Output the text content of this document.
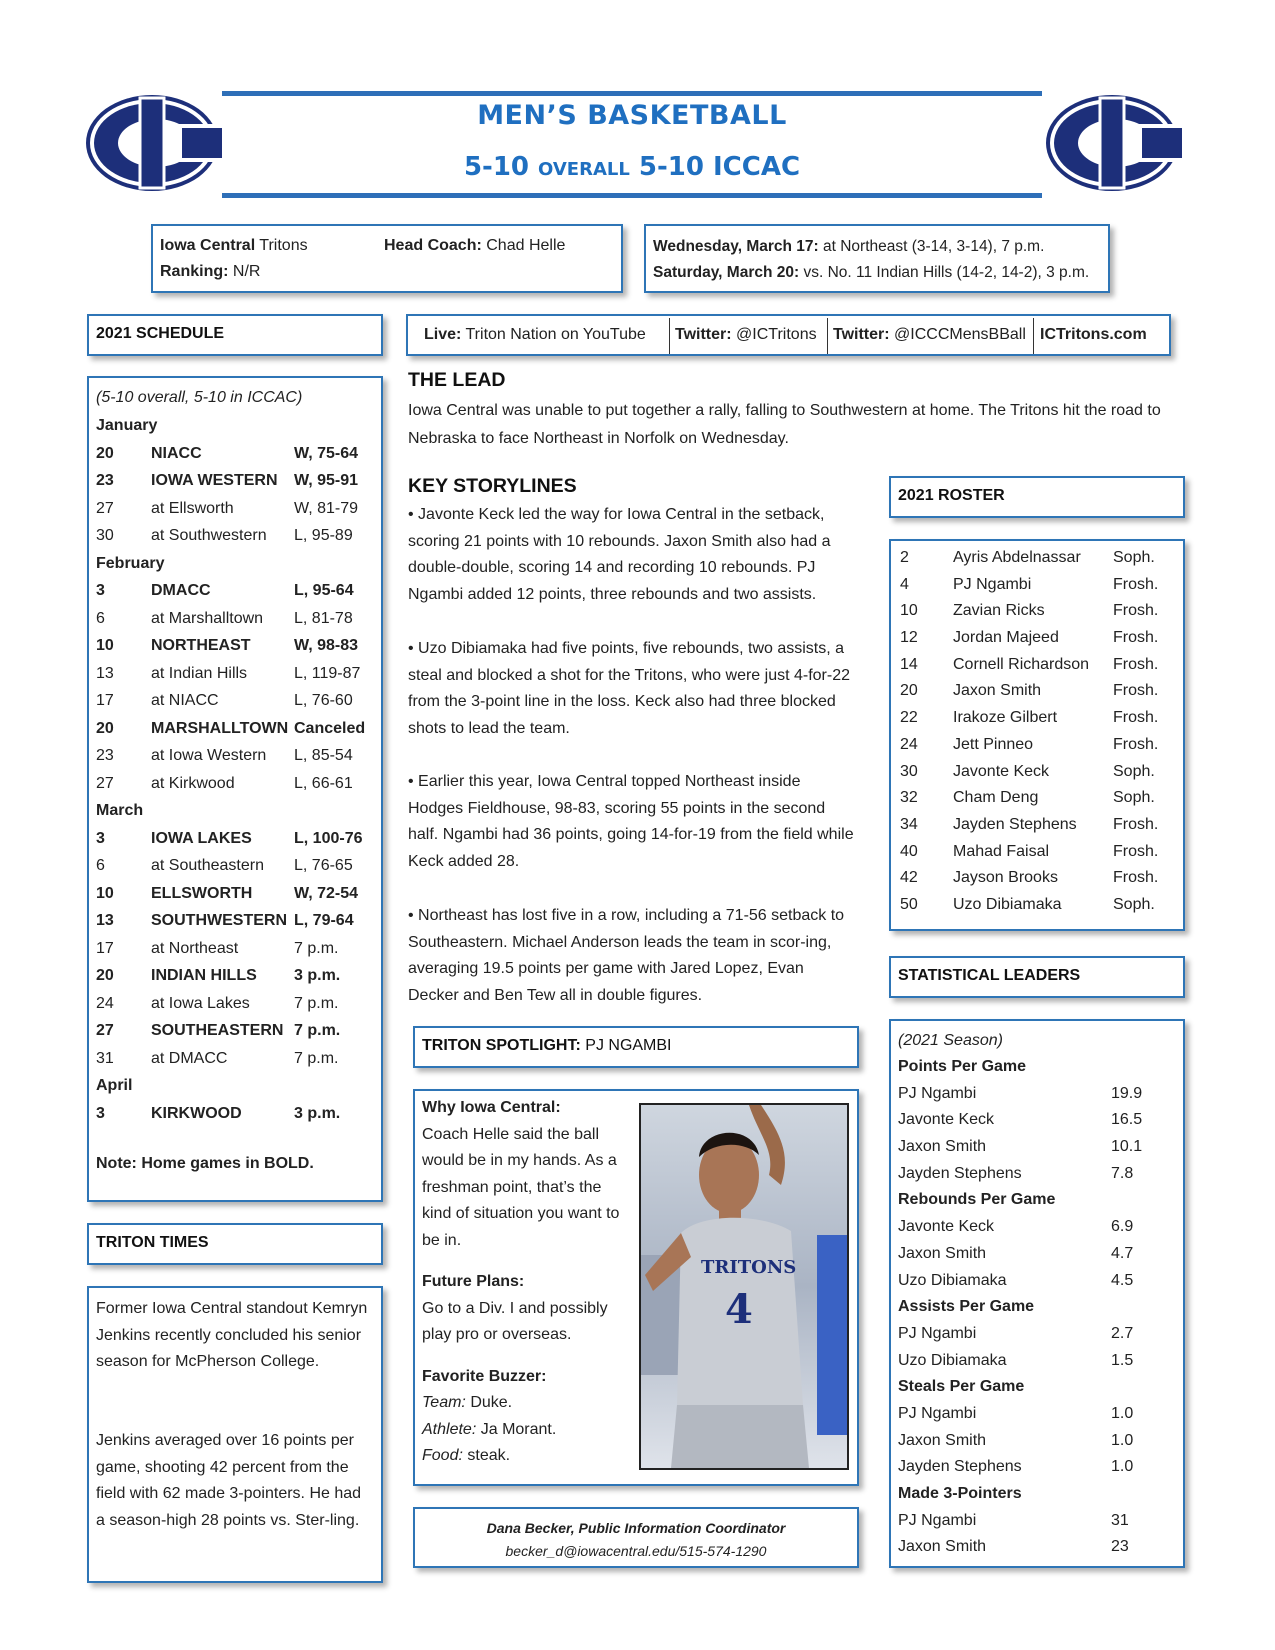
MEN’S BASKETBALL
5-10 overall 5-10 ICCAC
Iowa Central Tritons	Head Coach: Chad Helle
Ranking: N/R
Wednesday, March 17: at Northeast (3-14, 3-14), 7 p.m.
Saturday, March 20: vs. No. 11 Indian Hills (14-2, 14-2), 3 p.m.
2021 SCHEDULE	Live: Triton Nation on YouTube Twitter: @ICTritons Twitter: @ICCCMensBBall ICTritons.com
(5-10 overall, 5-10 in ICCAC)
January
20 NIACC	W, 75-64
23 IOWA WESTERN W, 95-91
27 at Ellsworth	W, 81-79
30 at Southwestern L, 95-89
February
3	DMACC	L, 95-64
6	at Marshalltown L, 81-78
10 NORTHEAST	W, 98-83
13 at Indian Hills	L, 119-87
17 at NIACC	L, 76-60
20 MARSHALLTOWN Canceled
23 at Iowa Western L, 85-54
27 at Kirkwood	L, 66-61
March
3	IOWA LAKES	L, 100-76
6	at Southeastern L, 76-65
10 ELLSWORTH	W, 72-54
13 SOUTHWESTERN L, 79-64
17 at Northeast	7 p.m.
20 INDIAN HILLS 3 p.m.
24 at Iowa Lakes	7 p.m.
27 SOUTHEASTERN 7 p.m.
31 at DMACC	7 p.m.
April
3	KIRKWOOD	3 p.m.
Note: Home games in BOLD.
TRITON TIMES
Former Iowa Central standout Kemryn Jenkins recently concluded his senior season for McPherson College.
Jenkins averaged over 16 points per game, shooting 42 percent from the field with 62 made 3-pointers. He had a season-high 28 points vs. Ster-ling.
THE LEAD
Iowa Central was unable to put together a rally, falling to Southwestern at home. The Tritons hit the road to Nebraska to face Northeast in Norfolk on Wednesday.
KEY STORYLINES
• Javonte Keck led the way for Iowa Central in the setback, scoring 21 points with 10 rebounds. Jaxon Smith also had a double-double, scoring 14 and recording 10 rebounds. PJ Ngambi added 12 points, three rebounds and two assists.
• Uzo Dibiamaka had five points, five rebounds, two assists, a steal and blocked a shot for the Tritons, who were just 4-for-22 from the 3-point line in the loss. Keck also had three blocked shots to lead the team.
• Earlier this year, Iowa Central topped Northeast inside Hodges Fieldhouse, 98-83, scoring 55 points in the second half. Ngambi had 36 points, going 14-for-19 from the field while Keck added 28.
• Northeast has lost five in a row, including a 71-56 setback to Southeastern. Michael Anderson leads the team in scor-ing, averaging 19.5 points per game with Jared Lopez, Evan Decker and Ben Tew all in double figures.
TRITON SPOTLIGHT: PJ NGAMBI
Why Iowa Central:
Coach Helle said the ball would be in my hands. As a freshman point, that’s the kind of situation you want to be in.
Future Plans:
Go to a Div. I and possibly play pro or overseas.
Favorite Buzzer:
Team: Duke.
Athlete: Ja Morant.
Food: steak.
TRITONS
4
Dana Becker, Public Information Coordinator
becker_d@iowacentral.edu/515-574-1290
2021 ROSTER
2	Ayris Abdelnassar Soph.
4	PJ Ngambi	Frosh.
10 Zavian Ricks	Frosh.
12 Jordan Majeed	Frosh.
14 Cornell Richardson Frosh.
20 Jaxon Smith	Frosh.
22 Irakoze Gilbert	Frosh.
24 Jett Pinneo	Frosh.
30 Javonte Keck	Soph.
32 Cham Deng	Soph.
34 Jayden Stephens Frosh.
40 Mahad Faisal	Frosh.
42 Jayson Brooks	Frosh.
50 Uzo Dibiamaka	Soph.
STATISTICAL LEADERS
(2021 Season)
Points Per Game
PJ Ngambi	19.9
Javonte Keck	16.5
Jaxon Smith	10.1
Jayden Stephens	7.8
Rebounds Per Game
Javonte Keck	6.9
Jaxon Smith	4.7
Uzo Dibiamaka	4.5
Assists Per Game
PJ Ngambi	2.7
Uzo Dibiamaka	1.5
Steals Per Game
PJ Ngambi	1.0
Jaxon Smith	1.0
Jayden Stephens	1.0
Made 3-Pointers
PJ Ngambi	31
Jaxon Smith	23
